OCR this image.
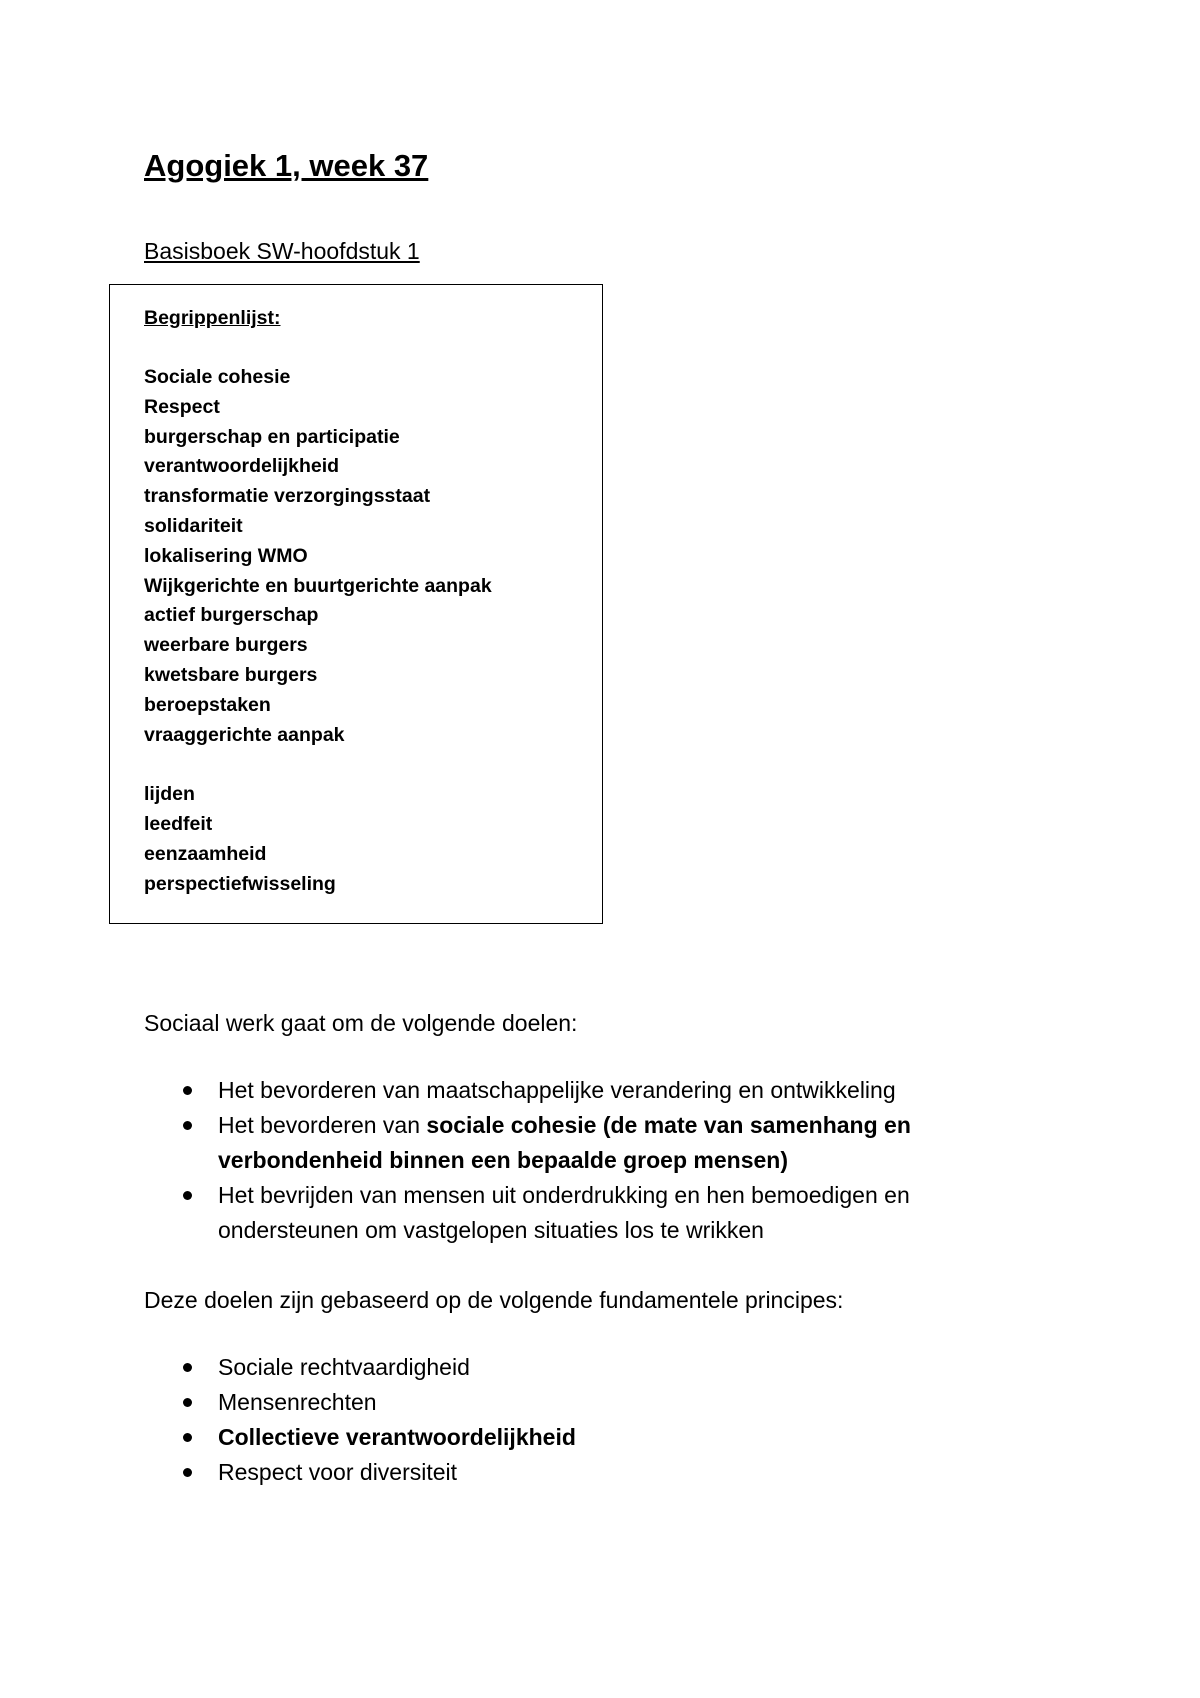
Agogiek 1, week 37
Basisboek SW-hoofdstuk 1
Begrippenlijst:
Sociale cohesie
Respect
burgerschap en participatie
verantwoordelijkheid
transformatie verzorgingsstaat
solidariteit
lokalisering WMO
Wijkgerichte en buurtgerichte aanpak
actief burgerschap
weerbare burgers
kwetsbare burgers
beroepstaken
vraaggerichte aanpak
lijden
leedfeit
eenzaamheid
perspectiefwisseling
Sociaal werk gaat om de volgende doelen:
Het bevorderen van maatschappelijke verandering en ontwikkeling
Het bevorderen van sociale cohesie (de mate van samenhang en
verbondenheid binnen een bepaalde groep mensen)
Het bevrijden van mensen uit onderdrukking en hen bemoedigen en
ondersteunen om vastgelopen situaties los te wrikken
Deze doelen zijn gebaseerd op de volgende fundamentele principes:
Sociale rechtvaardigheid
Mensenrechten
Collectieve verantwoordelijkheid
Respect voor diversiteit
